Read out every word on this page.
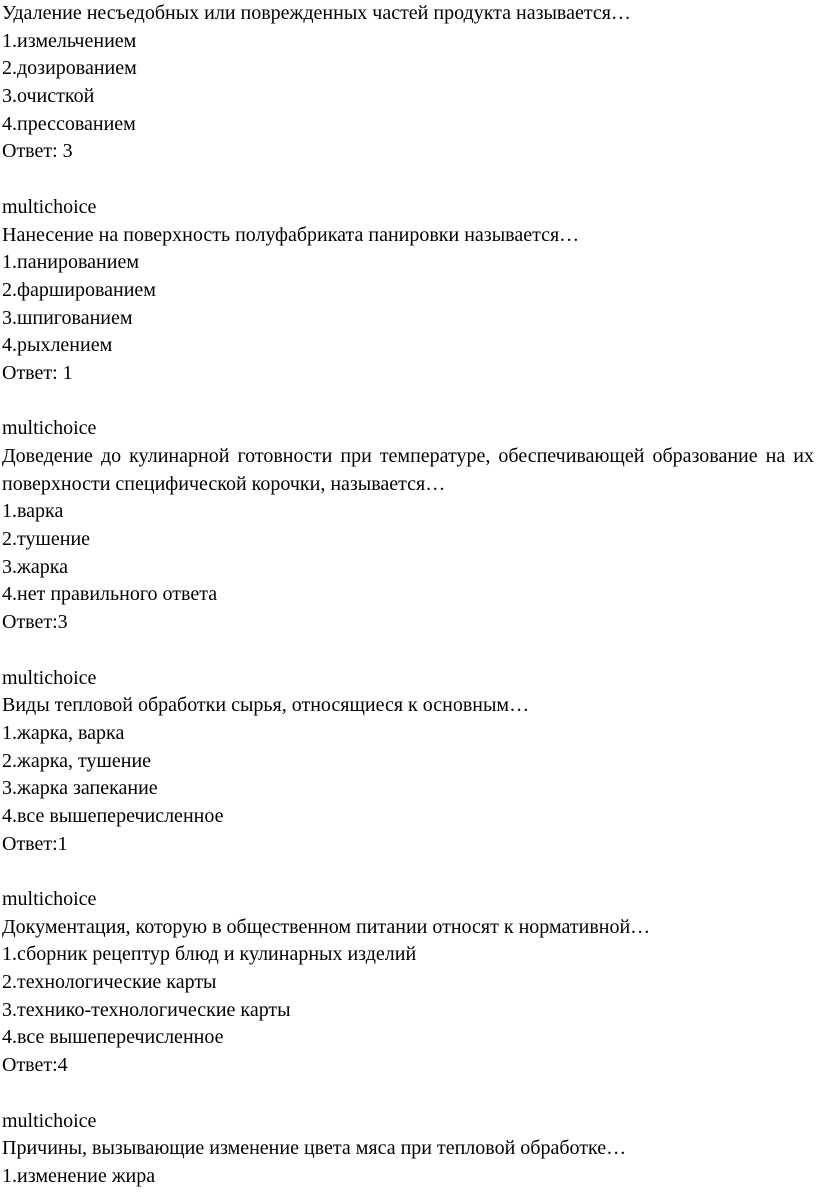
Удаление несъедобных или поврежденных частей продукта называется…
1.измельчением
2.дозированием
3.очисткой
4.прессованием
Ответ: 3
multichoice
Нанесение на поверхность полуфабриката панировки называется…
1.панированием
2.фаршированием
3.шпигованием
4.рыхлением
Ответ: 1
multichoice
Доведение до кулинарной готовности при температуре, обеспечивающей образование на их поверхности специфической корочки, называется…
1.варка
2.тушение
3.жарка
4.нет правильного ответа
Ответ:3
multichoice
Виды тепловой обработки сырья, относящиеся к основным…
1.жарка, варка
2.жарка, тушение
3.жарка запекание
4.все вышеперечисленное
Ответ:1
multichoice
Документация, которую в общественном питании относят к нормативной…
1.сборник рецептур блюд и кулинарных изделий
2.технологические карты
3.технико-технологические карты
4.все вышеперечисленное
Ответ:4
multichoice
Причины, вызывающие изменение цвета мяса при тепловой обработке…
1.изменение жира
